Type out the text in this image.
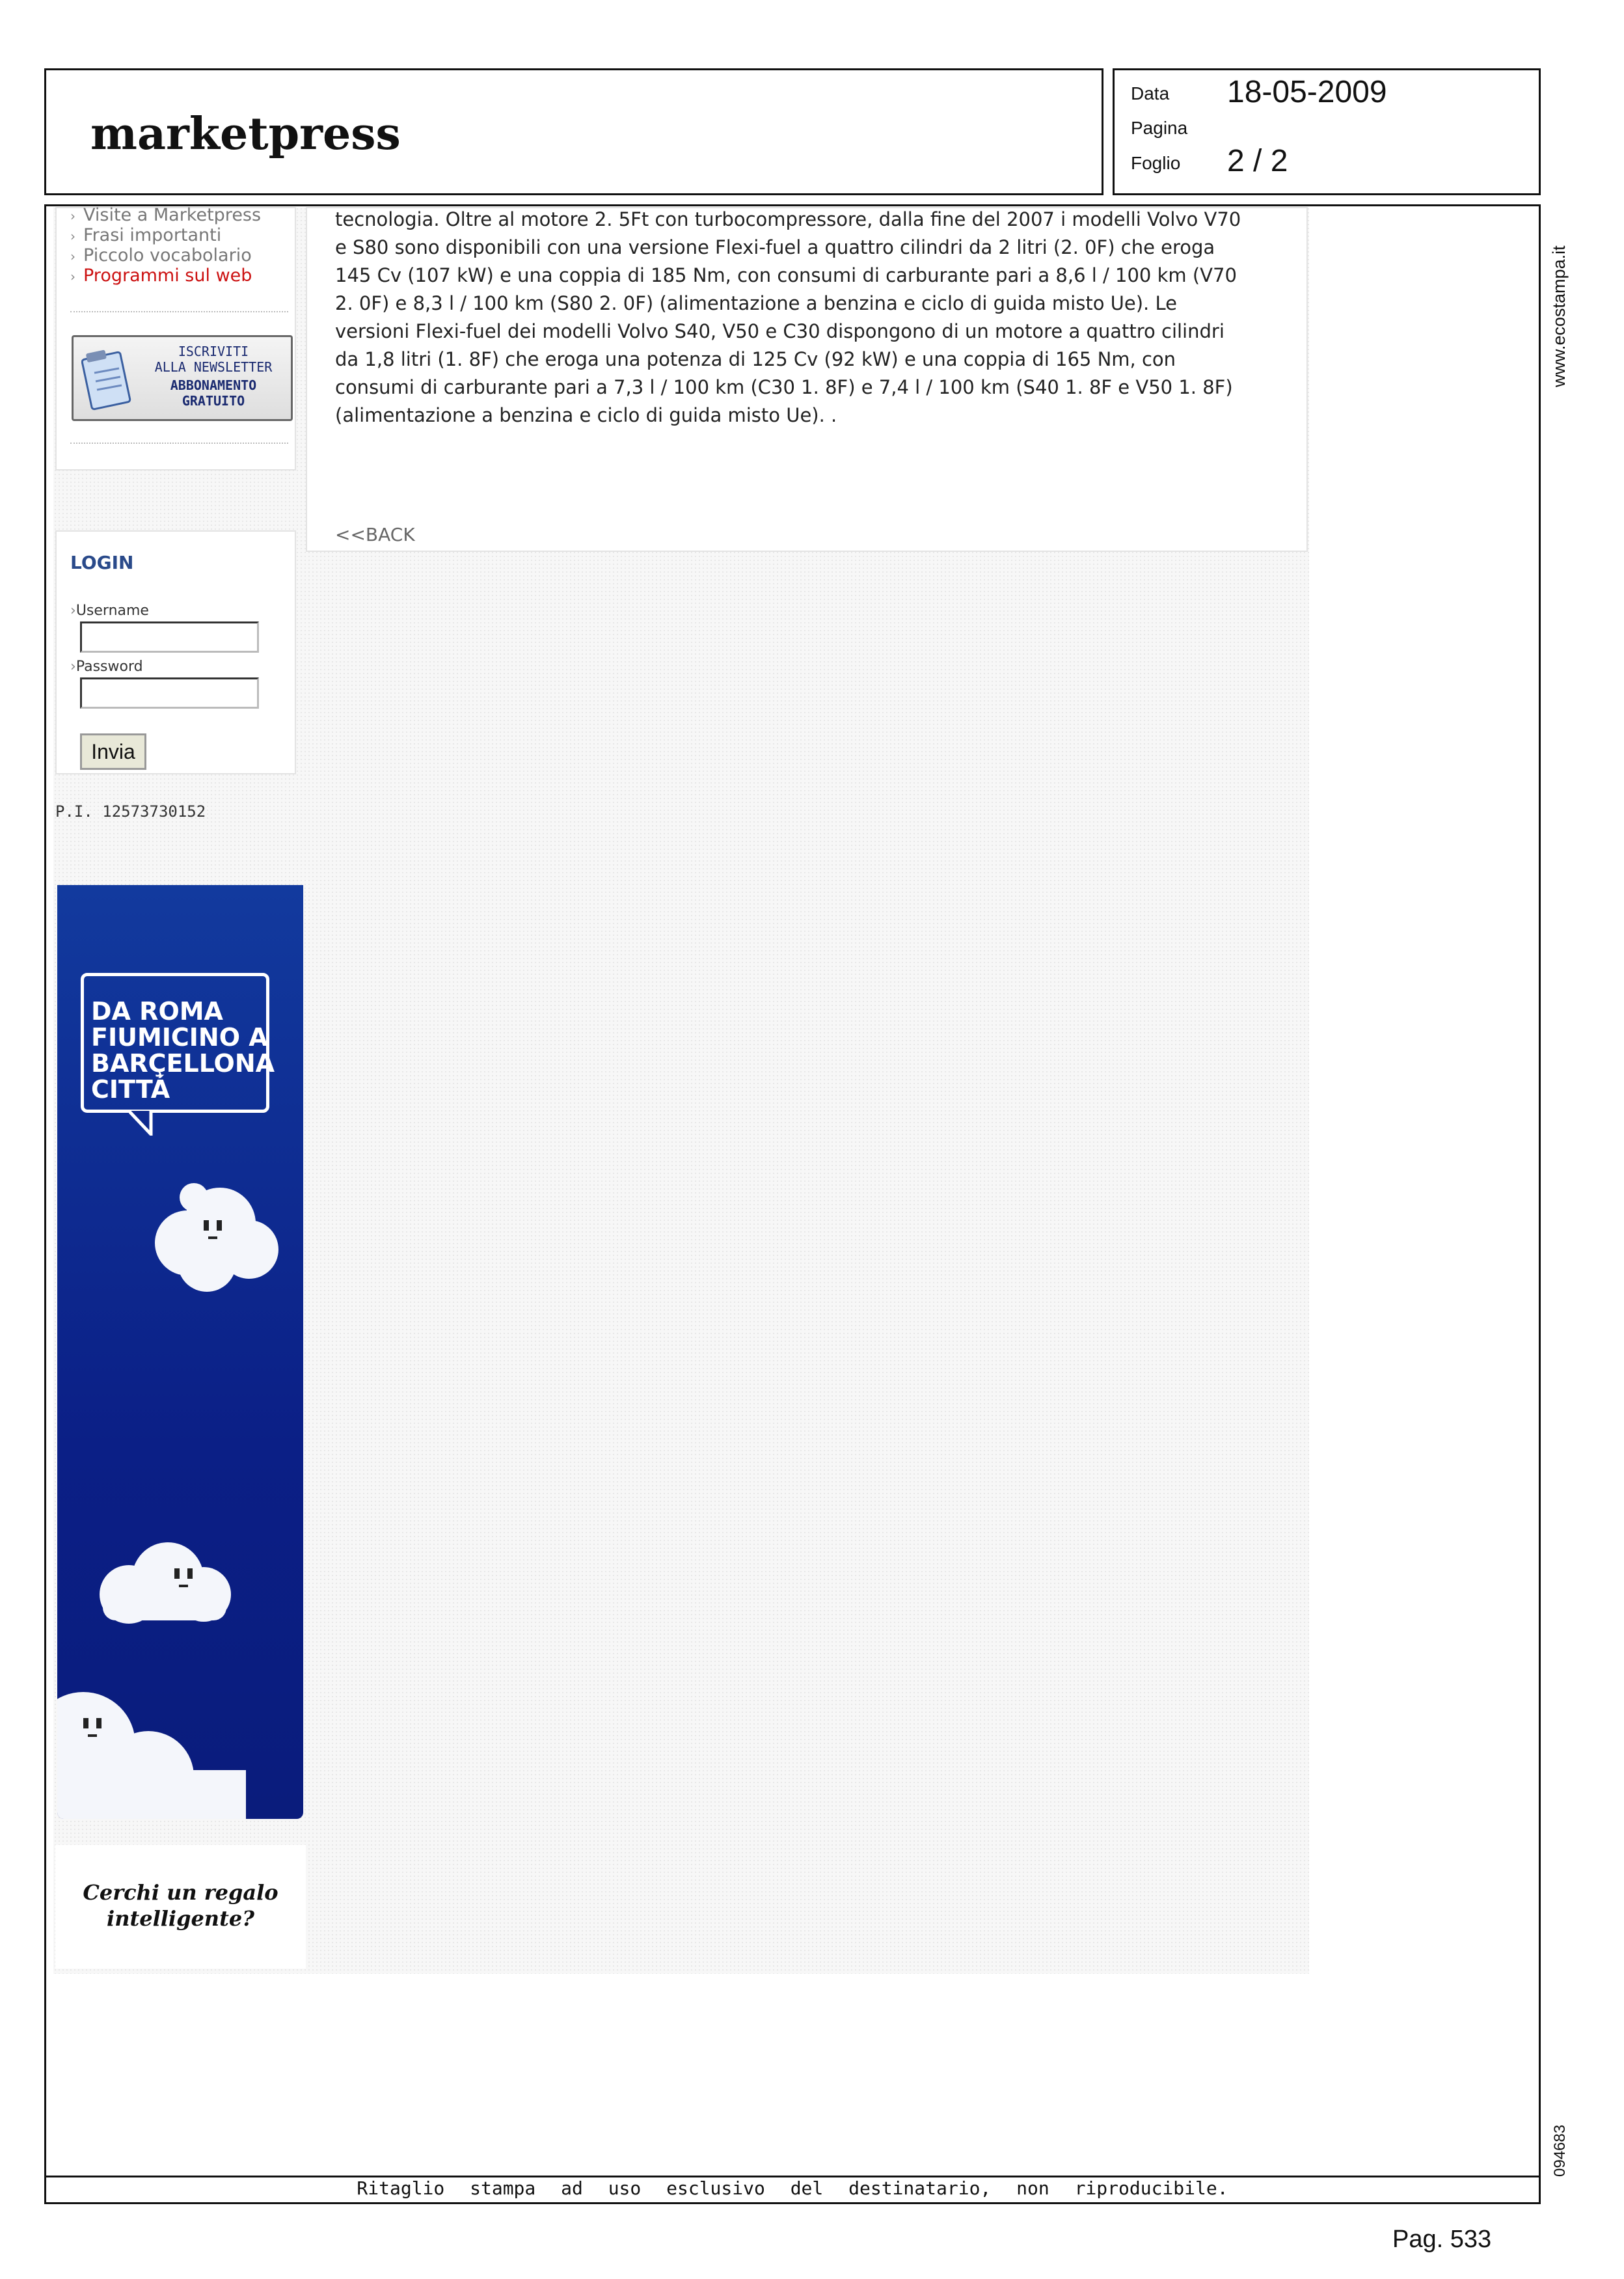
marketpress
Data 18-05-2009
Pagina
Foglio 2 / 2
› Visite a Marketpress
› Frasi importanti
› Piccolo vocabolario
› Programmi sul web
ISCRIVITI
ALLA NEWSLETTER
ABBONAMENTO
GRATUITO
LOGIN
›Username
›Password
Invia
P.I. 12573730152
DA ROMA
FIUMICINO A
BARÇELLONA
CITTÁ
Cerchi un regalo
intelligente?
tecnologia. Oltre al motore 2. 5Ft con turbocompressore, dalla fine del 2007 i modelli Volvo V70
e S80 sono disponibili con una versione Flexi-fuel a quattro cilindri da 2 litri (2. 0F) che eroga
145 Cv (107 kW) e una coppia di 185 Nm, con consumi di carburante pari a 8,6 l / 100 km (V70
2. 0F) e 8,3 l / 100 km (S80 2. 0F) (alimentazione a benzina e ciclo di guida misto Ue). Le
versioni Flexi-fuel dei modelli Volvo S40, V50 e C30 dispongono di un motore a quattro cilindri
da 1,8 litri (1. 8F) che eroga una potenza di 125 Cv (92 kW) e una coppia di 165 Nm, con
consumi di carburante pari a 7,3 l / 100 km (C30 1. 8F) e 7,4 l / 100 km (S40 1. 8F e V50 1. 8F)
(alimentazione a benzina e ciclo di guida misto Ue). .
<<BACK
Ritaglio stampa ad uso esclusivo del destinatario, non riproducibile.
Pag. 533
www.ecostampa.it
094683
